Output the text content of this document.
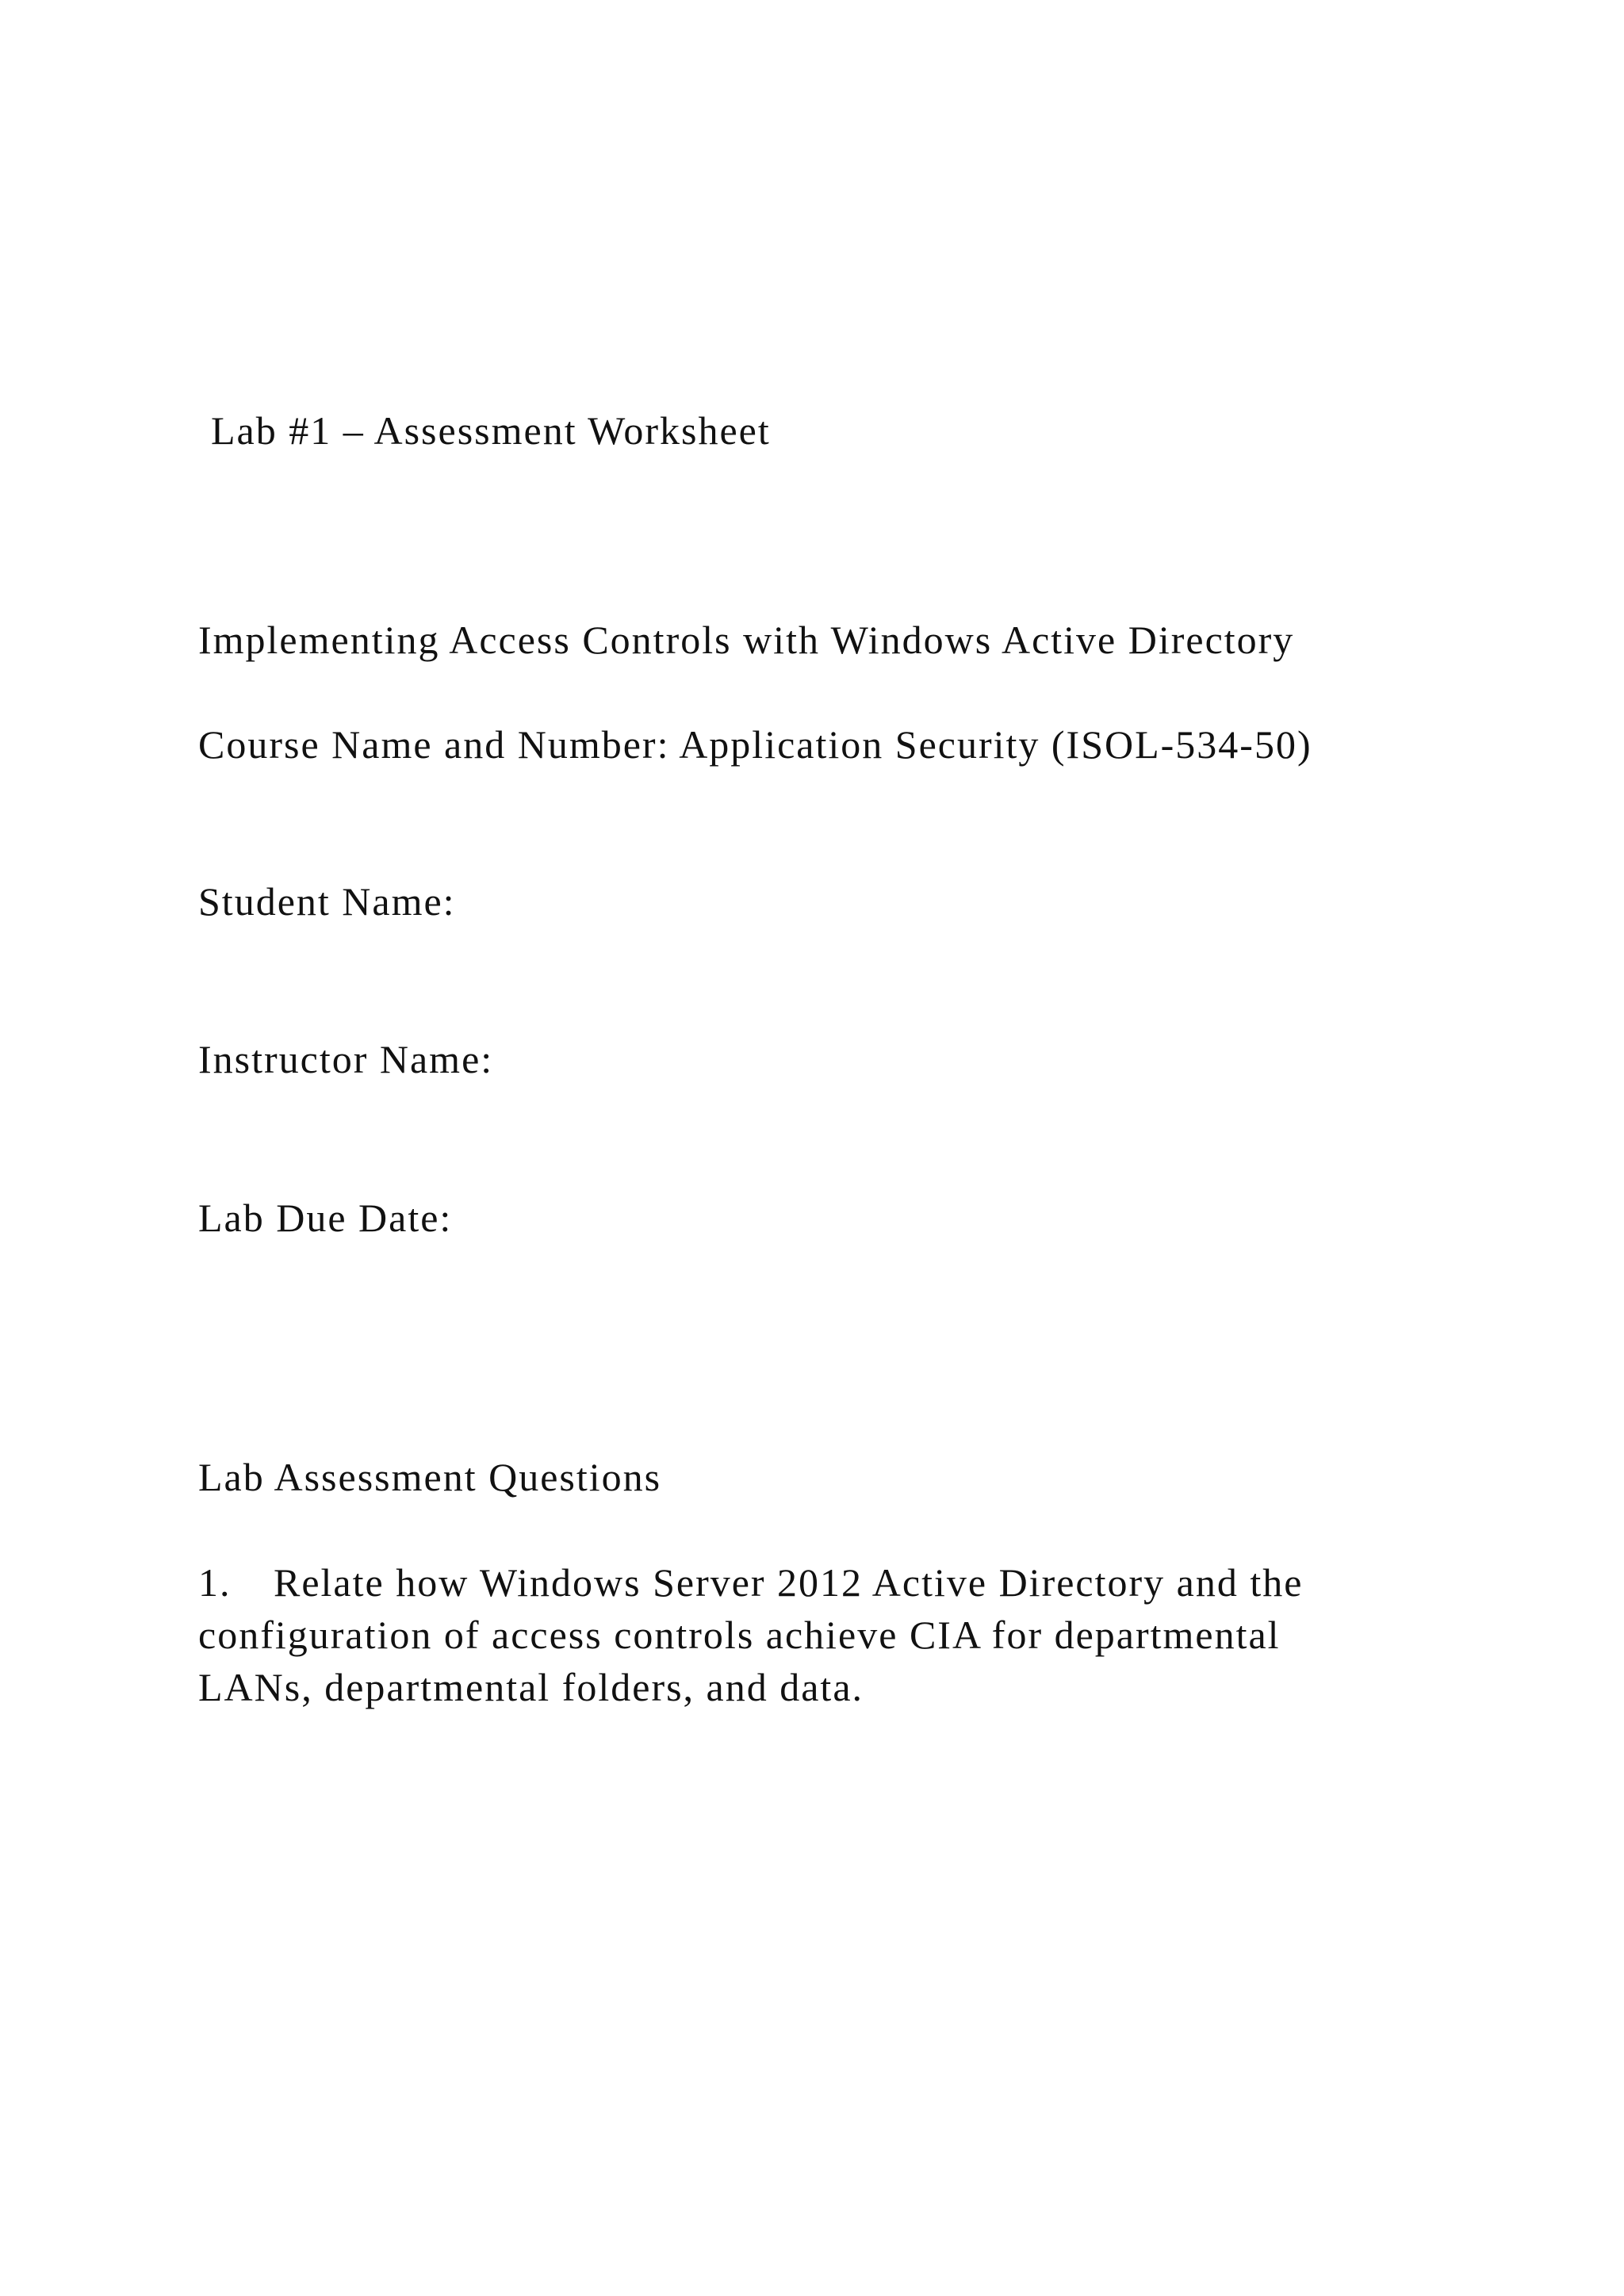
Lab #1 – Assessment Worksheet
Implementing Access Controls with Windows Active Directory

Course Name and Number: Application Security (ISOL-534-50)

Student Name:

Instructor Name:

Lab Due Date:

Lab Assessment Questions
1. Relate how Windows Server 2012 Active Directory and the
configuration of access controls achieve CIA for departmental
LANs, departmental folders, and data.
